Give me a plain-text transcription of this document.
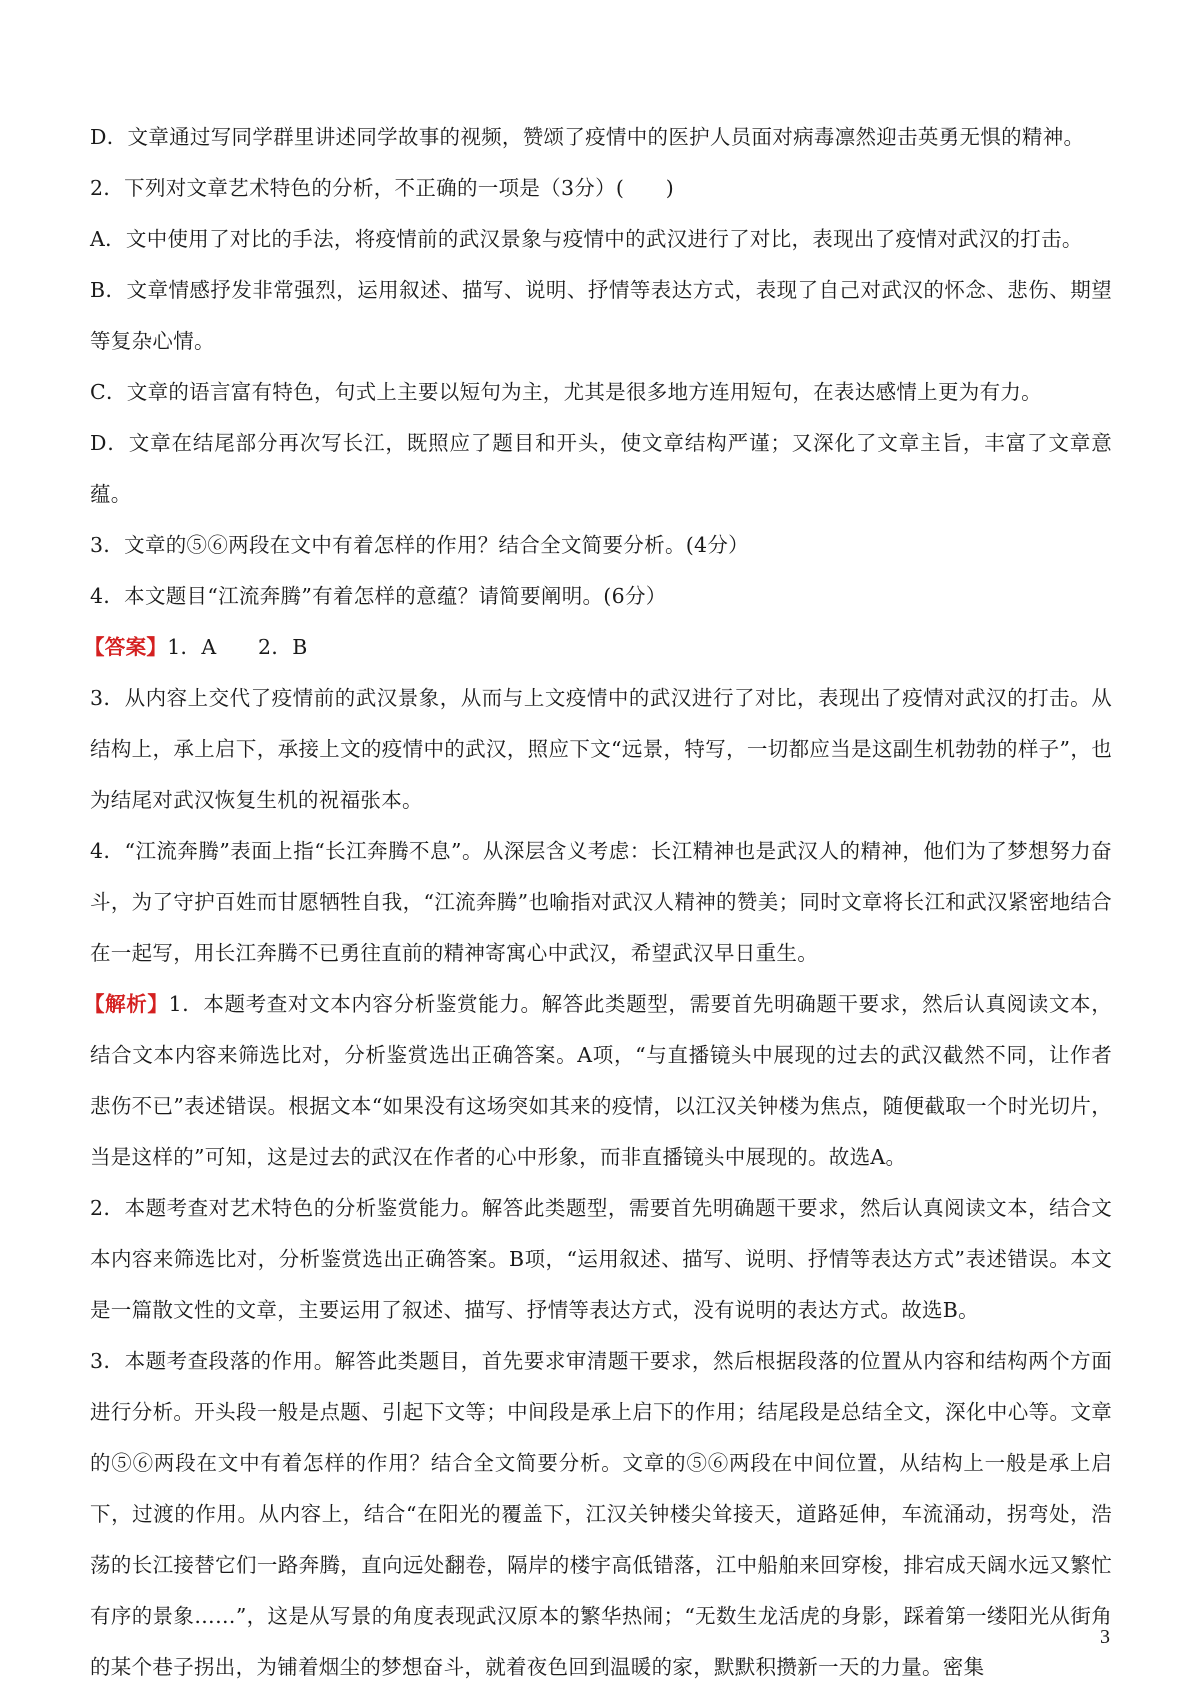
D．文章通过写同学群里讲述同学故事的视频，赞颂了疫情中的医护人员面对病毒凛然迎击英勇无惧的精神。

2．下列对文章艺术特色的分析，不正确的一项是（3分）(　　)

A．文中使用了对比的手法，将疫情前的武汉景象与疫情中的武汉进行了对比，表现出了疫情对武汉的打击。

B．文章情感抒发非常强烈，运用叙述、描写、说明、抒情等表达方式，表现了自己对武汉的怀念、悲伤、期望等复杂心情。

C．文章的语言富有特色，句式上主要以短句为主，尤其是很多地方连用短句，在表达感情上更为有力。

D．文章在结尾部分再次写长江，既照应了题目和开头，使文章结构严谨；又深化了文章主旨，丰富了文章意蕴。

3．文章的⑤⑥两段在文中有着怎样的作用？结合全文简要分析。(4分）

4．本文题目“江流奔腾”有着怎样的意蕴？请简要阐明。(6分）

【答案】1．A　　2．B

3．从内容上交代了疫情前的武汉景象，从而与上文疫情中的武汉进行了对比，表现出了疫情对武汉的打击。从结构上，承上启下，承接上文的疫情中的武汉，照应下文“远景，特写，一切都应当是这副生机勃勃的样子”，也为结尾对武汉恢复生机的祝福张本。

4．“江流奔腾”表面上指“长江奔腾不息”。从深层含义考虑：长江精神也是武汉人的精神，他们为了梦想努力奋斗，为了守护百姓而甘愿牺牲自我，“江流奔腾”也喻指对武汉人精神的赞美；同时文章将长江和武汉紧密地结合在一起写，用长江奔腾不已勇往直前的精神寄寓心中武汉，希望武汉早日重生。

【解析】1．本题考查对文本内容分析鉴赏能力。解答此类题型，需要首先明确题干要求，然后认真阅读文本，结合文本内容来筛选比对，分析鉴赏选出正确答案。A项，“与直播镜头中展现的过去的武汉截然不同，让作者悲伤不已”表述错误。根据文本“如果没有这场突如其来的疫情，以江汉关钟楼为焦点，随便截取一个时光切片，当是这样的”可知，这是过去的武汉在作者的心中形象，而非直播镜头中展现的。故选A。

2．本题考查对艺术特色的分析鉴赏能力。解答此类题型，需要首先明确题干要求，然后认真阅读文本，结合文本内容来筛选比对，分析鉴赏选出正确答案。B项，“运用叙述、描写、说明、抒情等表达方式”表述错误。本文是一篇散文性的文章，主要运用了叙述、描写、抒情等表达方式，没有说明的表达方式。故选B。

3．本题考查段落的作用。解答此类题目，首先要求审清题干要求，然后根据段落的位置从内容和结构两个方面进行分析。开头段一般是点题、引起下文等；中间段是承上启下的作用；结尾段是总结全文，深化中心等。文章的⑤⑥两段在文中有着怎样的作用？结合全文简要分析。文章的⑤⑥两段在中间位置，从结构上一般是承上启下，过渡的作用。从内容上，结合“在阳光的覆盖下，江汉关钟楼尖耸接天，道路延伸，车流涌动，拐弯处，浩荡的长江接替它们一路奔腾，直向远处翻卷，隔岸的楼宇高低错落，江中船舶来回穿梭，排宕成天阔水远又繁忙有序的景象……”，这是从写景的角度表现武汉原本的繁华热闹；“无数生龙活虎的身影，踩着第一缕阳光从街角的某个巷子拐出，为铺着烟尘的梦想奋斗，就着夜色回到温暖的家，默默积攒新一天的力量。密集

3
